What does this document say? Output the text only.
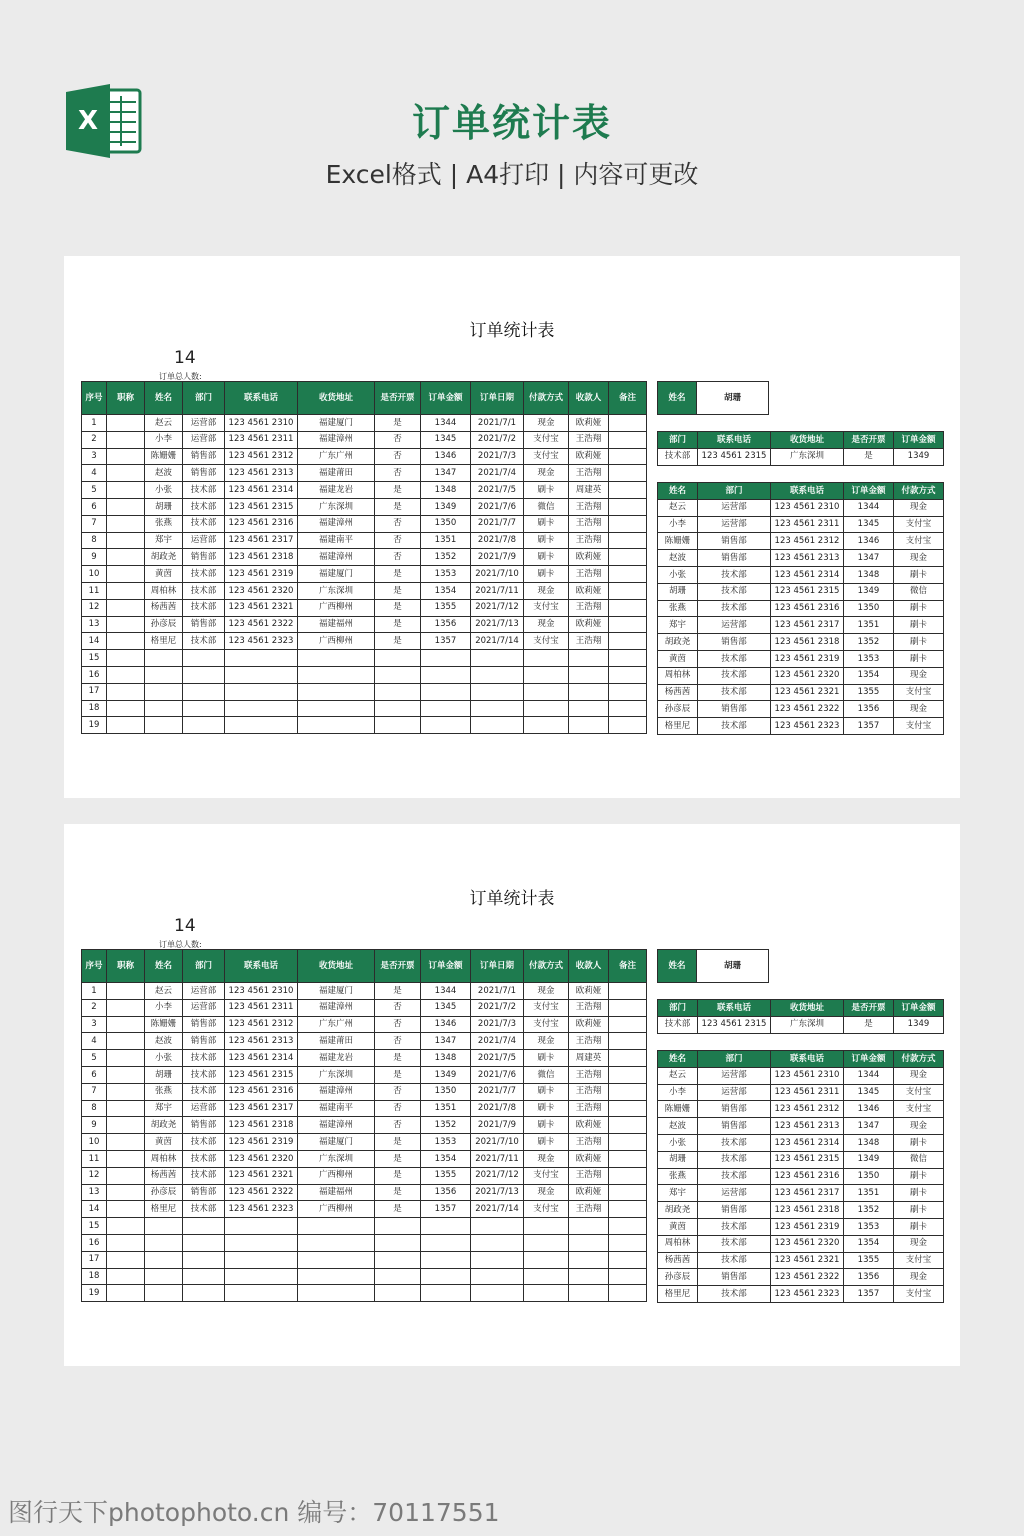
X	订单统计表
Excel格式 | A4打印 | 内容可更改
订单统计表
14
订单总人数:
序号	职称	姓名	部门	联系电话	收货地址	是否开票	订单金额	订单日期	付款方式	收款人	备注
1		赵云	运营部	123 4561 2310	福建厦门	是	1344	2021/7/1	现金	欧莉娅	
2		小李	运营部	123 4561 2311	福建漳州	否	1345	2021/7/2	支付宝	王浩翔	
3		陈姗姗	销售部	123 4561 2312	广东广州	否	1346	2021/7/3	支付宝	欧莉娅	
4		赵波	销售部	123 4561 2313	福建莆田	否	1347	2021/7/4	现金	王浩翔	
5		小张	技术部	123 4561 2314	福建龙岩	是	1348	2021/7/5	刷卡	周建英	
6		胡珊	技术部	123 4561 2315	广东深圳	是	1349	2021/7/6	微信	王浩翔	
7		张燕	技术部	123 4561 2316	福建漳州	否	1350	2021/7/7	刷卡	王浩翔	
8		郑宇	运营部	123 4561 2317	福建南平	否	1351	2021/7/8	刷卡	王浩翔	
9		胡政尧	销售部	123 4561 2318	福建漳州	否	1352	2021/7/9	刷卡	欧莉娅	
10		黄茵	技术部	123 4561 2319	福建厦门	是	1353	2021/7/10	刷卡	王浩翔	
11		周柏林	技术部	123 4561 2320	广东深圳	是	1354	2021/7/11	现金	欧莉娅	
12		杨茜茜	技术部	123 4561 2321	广西柳州	是	1355	2021/7/12	支付宝	王浩翔	
13		孙彦辰	销售部	123 4561 2322	福建福州	是	1356	2021/7/13	现金	欧莉娅	
14		格里尼	技术部	123 4561 2323	广西柳州	是	1357	2021/7/14	支付宝	王浩翔	
15											
16											
17											
18											
19											
姓名	胡珊
部门	联系电话	收货地址	是否开票	订单金额
技术部	123 4561 2315	广东深圳	是	1349
姓名	部门	联系电话	订单金额	付款方式
赵云	运营部	123 4561 2310	1344	现金
小李	运营部	123 4561 2311	1345	支付宝
陈姗姗	销售部	123 4561 2312	1346	支付宝
赵波	销售部	123 4561 2313	1347	现金
小张	技术部	123 4561 2314	1348	刷卡
胡珊	技术部	123 4561 2315	1349	微信
张燕	技术部	123 4561 2316	1350	刷卡
郑宇	运营部	123 4561 2317	1351	刷卡
胡政尧	销售部	123 4561 2318	1352	刷卡
黄茵	技术部	123 4561 2319	1353	刷卡
周柏林	技术部	123 4561 2320	1354	现金
杨茜茜	技术部	123 4561 2321	1355	支付宝
孙彦辰	销售部	123 4561 2322	1356	现金
格里尼	技术部	123 4561 2323	1357	支付宝
订单统计表
14
订单总人数:
序号	职称	姓名	部门	联系电话	收货地址	是否开票	订单金额	订单日期	付款方式	收款人	备注
1		赵云	运营部	123 4561 2310	福建厦门	是	1344	2021/7/1	现金	欧莉娅	
2		小李	运营部	123 4561 2311	福建漳州	否	1345	2021/7/2	支付宝	王浩翔	
3		陈姗姗	销售部	123 4561 2312	广东广州	否	1346	2021/7/3	支付宝	欧莉娅	
4		赵波	销售部	123 4561 2313	福建莆田	否	1347	2021/7/4	现金	王浩翔	
5		小张	技术部	123 4561 2314	福建龙岩	是	1348	2021/7/5	刷卡	周建英	
6		胡珊	技术部	123 4561 2315	广东深圳	是	1349	2021/7/6	微信	王浩翔	
7		张燕	技术部	123 4561 2316	福建漳州	否	1350	2021/7/7	刷卡	王浩翔	
8		郑宇	运营部	123 4561 2317	福建南平	否	1351	2021/7/8	刷卡	王浩翔	
9		胡政尧	销售部	123 4561 2318	福建漳州	否	1352	2021/7/9	刷卡	欧莉娅	
10		黄茵	技术部	123 4561 2319	福建厦门	是	1353	2021/7/10	刷卡	王浩翔	
11		周柏林	技术部	123 4561 2320	广东深圳	是	1354	2021/7/11	现金	欧莉娅	
12		杨茜茜	技术部	123 4561 2321	广西柳州	是	1355	2021/7/12	支付宝	王浩翔	
13		孙彦辰	销售部	123 4561 2322	福建福州	是	1356	2021/7/13	现金	欧莉娅	
14		格里尼	技术部	123 4561 2323	广西柳州	是	1357	2021/7/14	支付宝	王浩翔	
15											
16											
17											
18											
19											
姓名	胡珊
部门	联系电话	收货地址	是否开票	订单金额
技术部	123 4561 2315	广东深圳	是	1349
姓名	部门	联系电话	订单金额	付款方式
赵云	运营部	123 4561 2310	1344	现金
小李	运营部	123 4561 2311	1345	支付宝
陈姗姗	销售部	123 4561 2312	1346	支付宝
赵波	销售部	123 4561 2313	1347	现金
小张	技术部	123 4561 2314	1348	刷卡
胡珊	技术部	123 4561 2315	1349	微信
张燕	技术部	123 4561 2316	1350	刷卡
郑宇	运营部	123 4561 2317	1351	刷卡
胡政尧	销售部	123 4561 2318	1352	刷卡
黄茵	技术部	123 4561 2319	1353	刷卡
周柏林	技术部	123 4561 2320	1354	现金
杨茜茜	技术部	123 4561 2321	1355	支付宝
孙彦辰	销售部	123 4561 2322	1356	现金
格里尼	技术部	123 4561 2323	1357	支付宝
图行天下photophoto.cn 编号：70117551
